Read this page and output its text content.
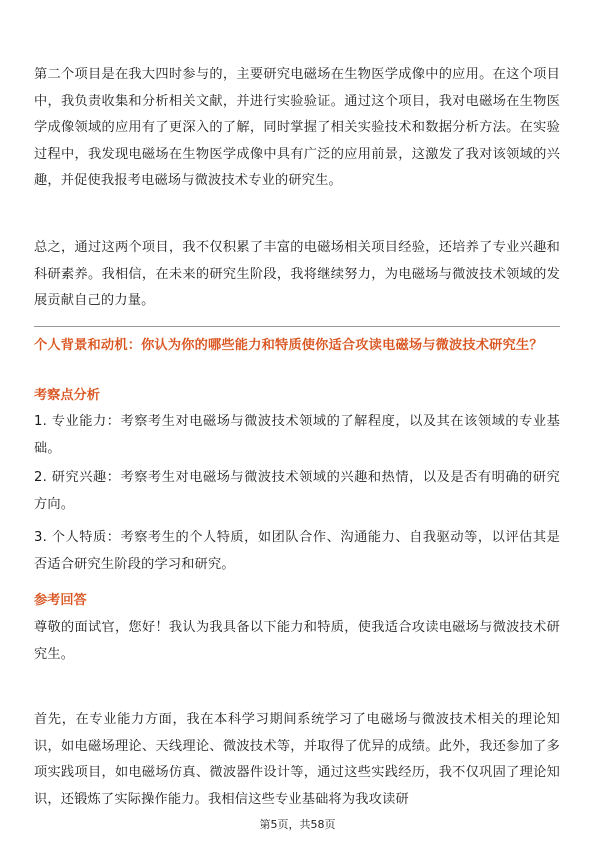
第二个项目是在我大四时参与的，主要研究电磁场在生物医学成像中的应用。在这个项目中，我负责收集和分析相关文献，并进行实验验证。通过这个项目，我对电磁场在生物医学成像领域的应用有了更深入的了解，同时掌握了相关实验技术和数据分析方法。在实验过程中，我发现电磁场在生物医学成像中具有广泛的应用前景，这激发了我对该领域的兴趣，并促使我报考电磁场与微波技术专业的研究生。

总之，通过这两个项目，我不仅积累了丰富的电磁场相关项目经验，还培养了专业兴趣和科研素养。我相信，在未来的研究生阶段，我将继续努力，为电磁场与微波技术领域的发展贡献自己的力量。

个人背景和动机：你认为你的哪些能力和特质使你适合攻读电磁场与微波技术研究生？

考察点分析

1. 专业能力：考察考生对电磁场与微波技术领域的了解程度，以及其在该领域的专业基础。

2. 研究兴趣：考察考生对电磁场与微波技术领域的兴趣和热情，以及是否有明确的研究方向。

3. 个人特质：考察考生的个人特质，如团队合作、沟通能力、自我驱动等，以评估其是否适合研究生阶段的学习和研究。

参考回答

尊敬的面试官，您好！我认为我具备以下能力和特质，使我适合攻读电磁场与微波技术研究生。

首先，在专业能力方面，我在本科学习期间系统学习了电磁场与微波技术相关的理论知识，如电磁场理论、天线理论、微波技术等，并取得了优异的成绩。此外，我还参加了多项实践项目，如电磁场仿真、微波器件设计等，通过这些实践经历，我不仅巩固了理论知识，还锻炼了实际操作能力。我相信这些专业基础将为我攻读研

第5页，共58页
